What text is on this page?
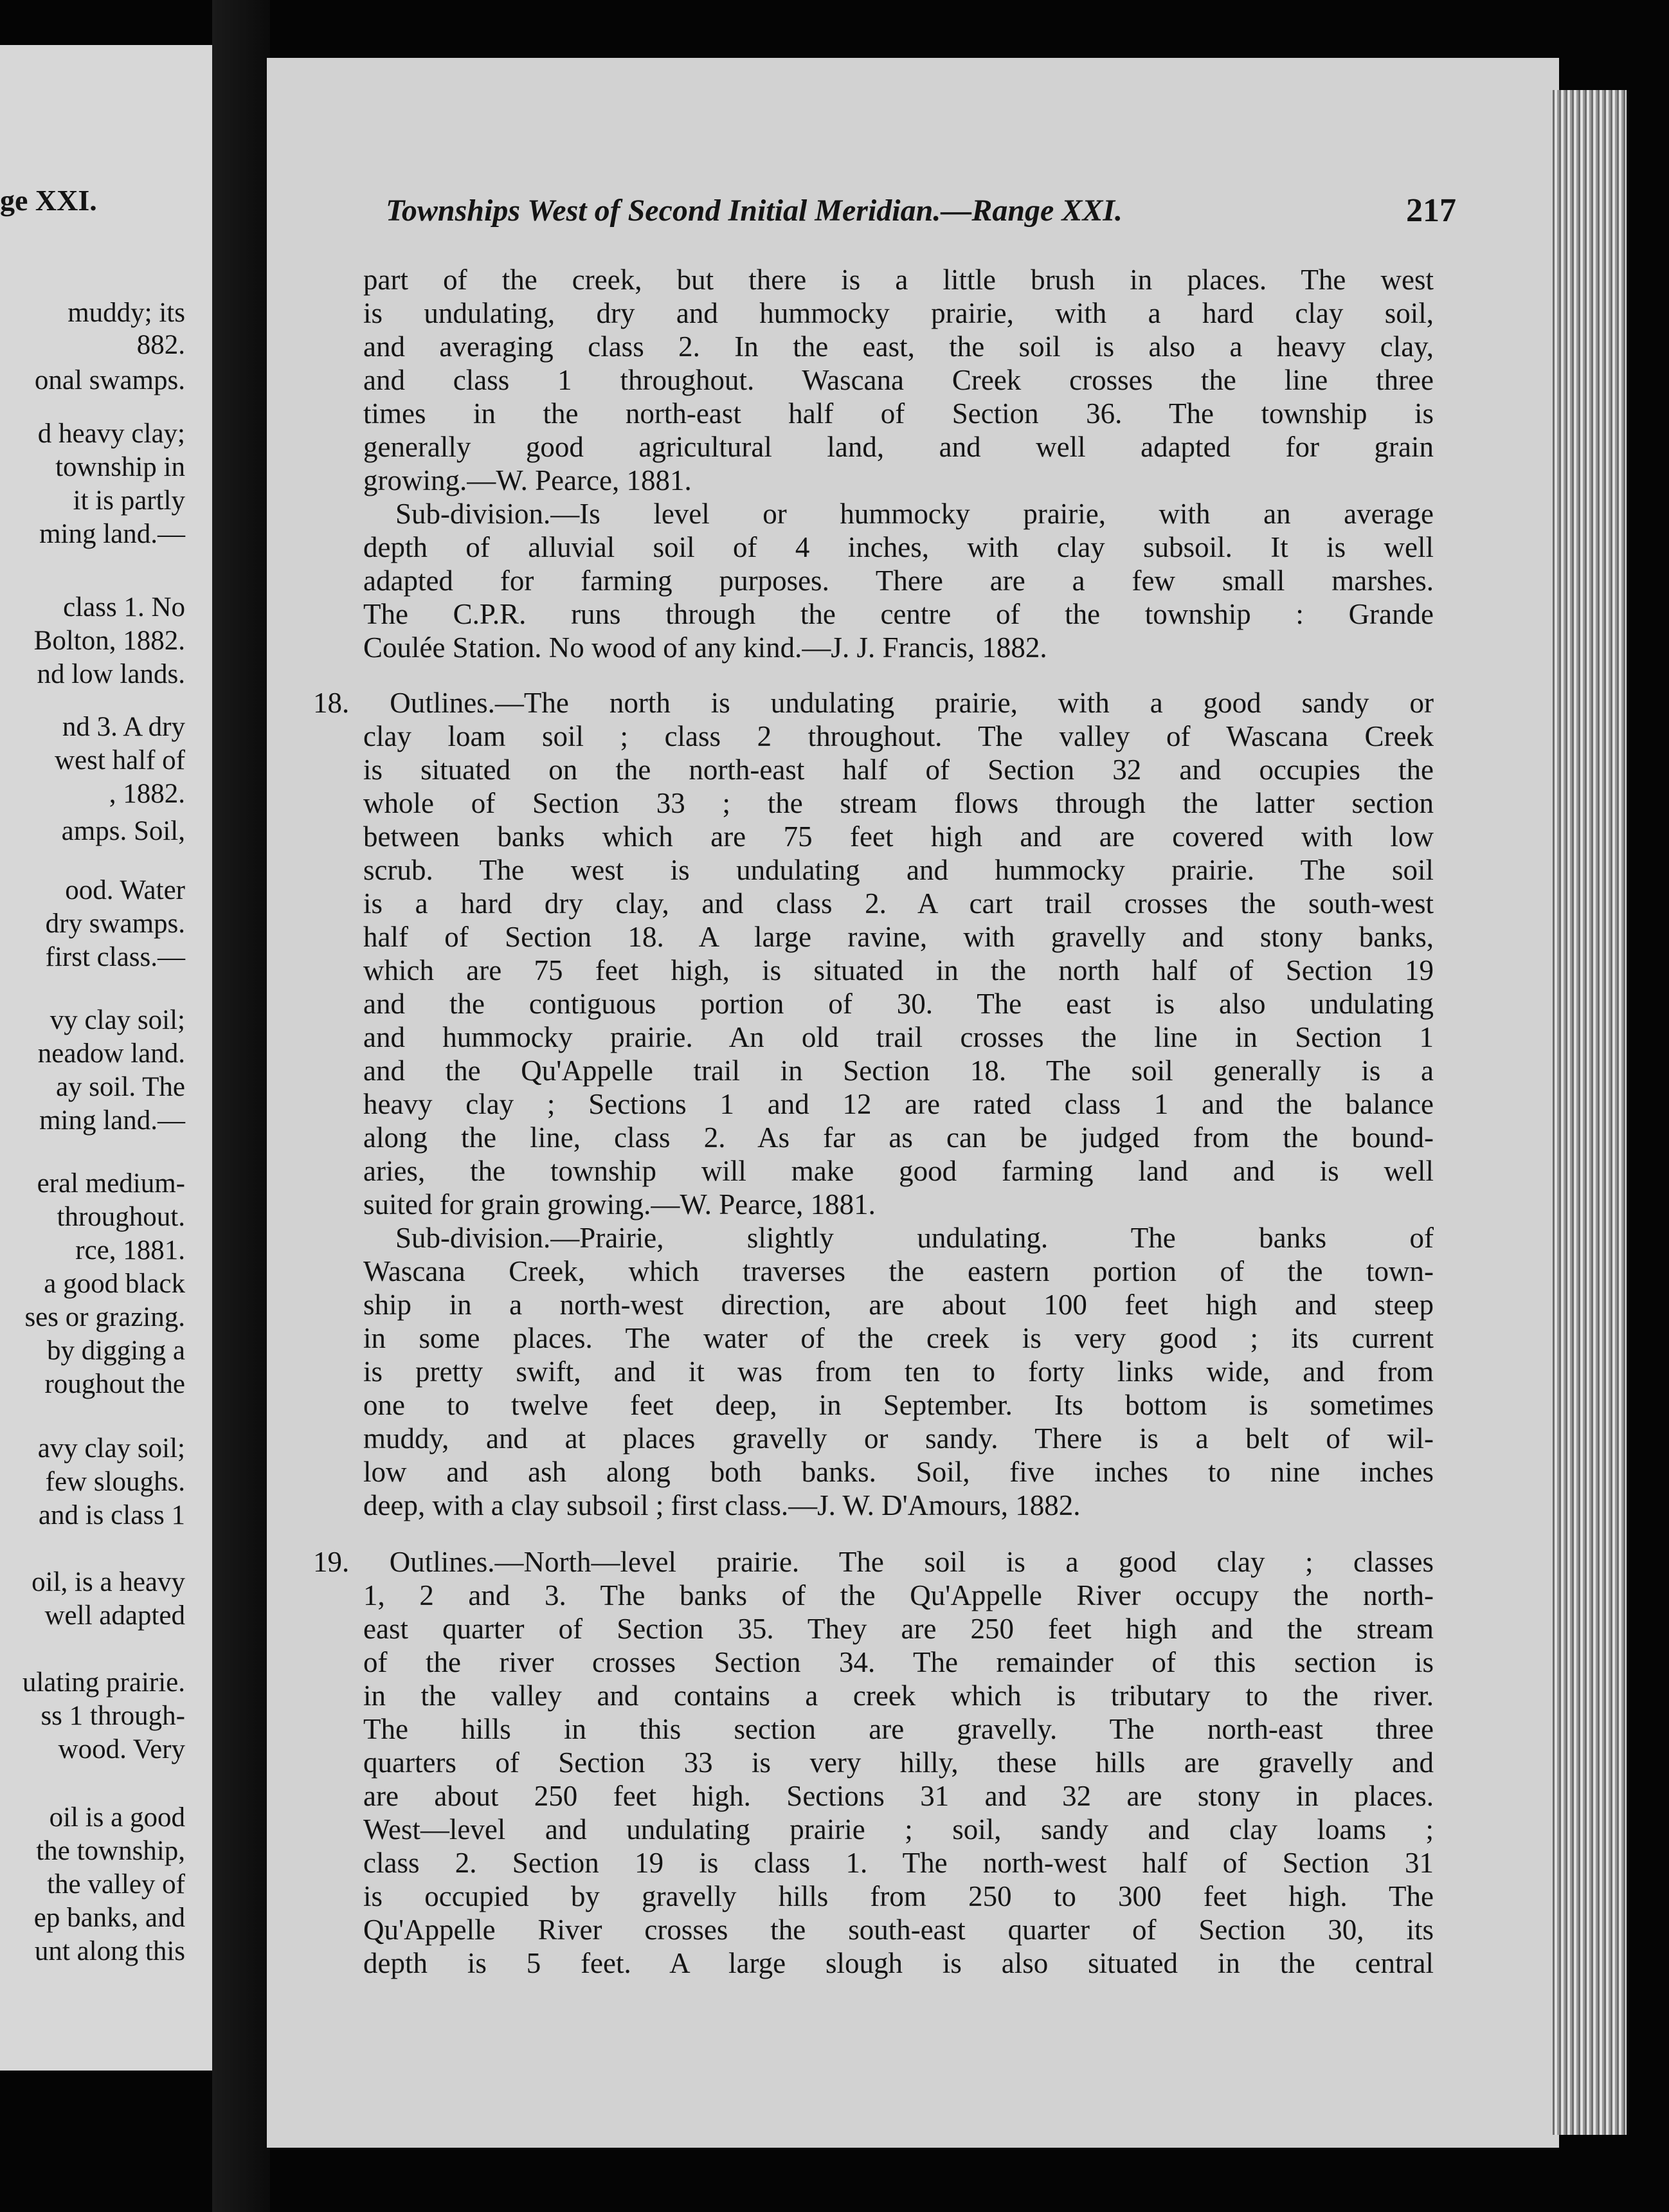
ge XXI.
muddy; its
882.
onal swamps.
d heavy clay;
township in
it is partly
ming land.—
class 1. No
Bolton, 1882.
nd low lands.
nd 3. A dry
west half of
, 1882.
amps. Soil,
ood. Water
dry swamps.
first class.—
vy clay soil;
neadow land.
ay soil. The
ming land.—
eral medium-
throughout.
rce, 1881.
a good black
ses or grazing.
by digging a
roughout the
avy clay soil;
few sloughs.
and is class 1
oil, is a heavy
well adapted
ulating prairie.
ss 1 through-
wood. Very
oil is a good
the township,
the valley of
ep banks, and
unt along this
Townships West of Second Initial Meridian.—Range XXI.	217
part of the creek, but there is a little brush in places. The west
is undulating, dry and hummocky prairie, with a hard clay soil,
and averaging class 2. In the east, the soil is also a heavy clay,
and class 1 throughout. Wascana Creek crosses the line three
times in the north-east half of Section 36. The township is
generally good agricultural land, and well adapted for grain
growing.—W. Pearce, 1881.
Sub-division.—Is level or hummocky prairie, with an average
depth of alluvial soil of 4 inches, with clay subsoil. It is well
adapted for farming purposes. There are a few small marshes.
The C.P.R. runs through the centre of the township : Grande
Coulée Station. No wood of any kind.—J. J. Francis, 1882.
18. Outlines.—The north is undulating prairie, with a good sandy or
clay loam soil ; class 2 throughout. The valley of Wascana Creek
is situated on the north-east half of Section 32 and occupies the
whole of Section 33 ; the stream flows through the latter section
between banks which are 75 feet high and are covered with low
scrub. The west is undulating and hummocky prairie. The soil
is a hard dry clay, and class 2. A cart trail crosses the south-west
half of Section 18. A large ravine, with gravelly and stony banks,
which are 75 feet high, is situated in the north half of Section 19
and the contiguous portion of 30. The east is also undulating
and hummocky prairie. An old trail crosses the line in Section 1
and the Qu'Appelle trail in Section 18. The soil generally is a
heavy clay ; Sections 1 and 12 are rated class 1 and the balance
along the line, class 2. As far as can be judged from the bound-
aries, the township will make good farming land and is well
suited for grain growing.—W. Pearce, 1881.
Sub-division.—Prairie, slightly undulating. The banks of
Wascana Creek, which traverses the eastern portion of the town-
ship in a north-west direction, are about 100 feet high and steep
in some places. The water of the creek is very good ; its current
is pretty swift, and it was from ten to forty links wide, and from
one to twelve feet deep, in September. Its bottom is sometimes
muddy, and at places gravelly or sandy. There is a belt of wil-
low and ash along both banks. Soil, five inches to nine inches
deep, with a clay subsoil ; first class.—J. W. D'Amours, 1882.
19. Outlines.—North—level prairie. The soil is a good clay ; classes
1, 2 and 3. The banks of the Qu'Appelle River occupy the north-
east quarter of Section 35. They are 250 feet high and the stream
of the river crosses Section 34. The remainder of this section is
in the valley and contains a creek which is tributary to the river.
The hills in this section are gravelly. The north-east three
quarters of Section 33 is very hilly, these hills are gravelly and
are about 250 feet high. Sections 31 and 32 are stony in places.
West—level and undulating prairie ; soil, sandy and clay loams ;
class 2. Section 19 is class 1. The north-west half of Section 31
is occupied by gravelly hills from 250 to 300 feet high. The
Qu'Appelle River crosses the south-east quarter of Section 30, its
depth is 5 feet. A large slough is also situated in the central
